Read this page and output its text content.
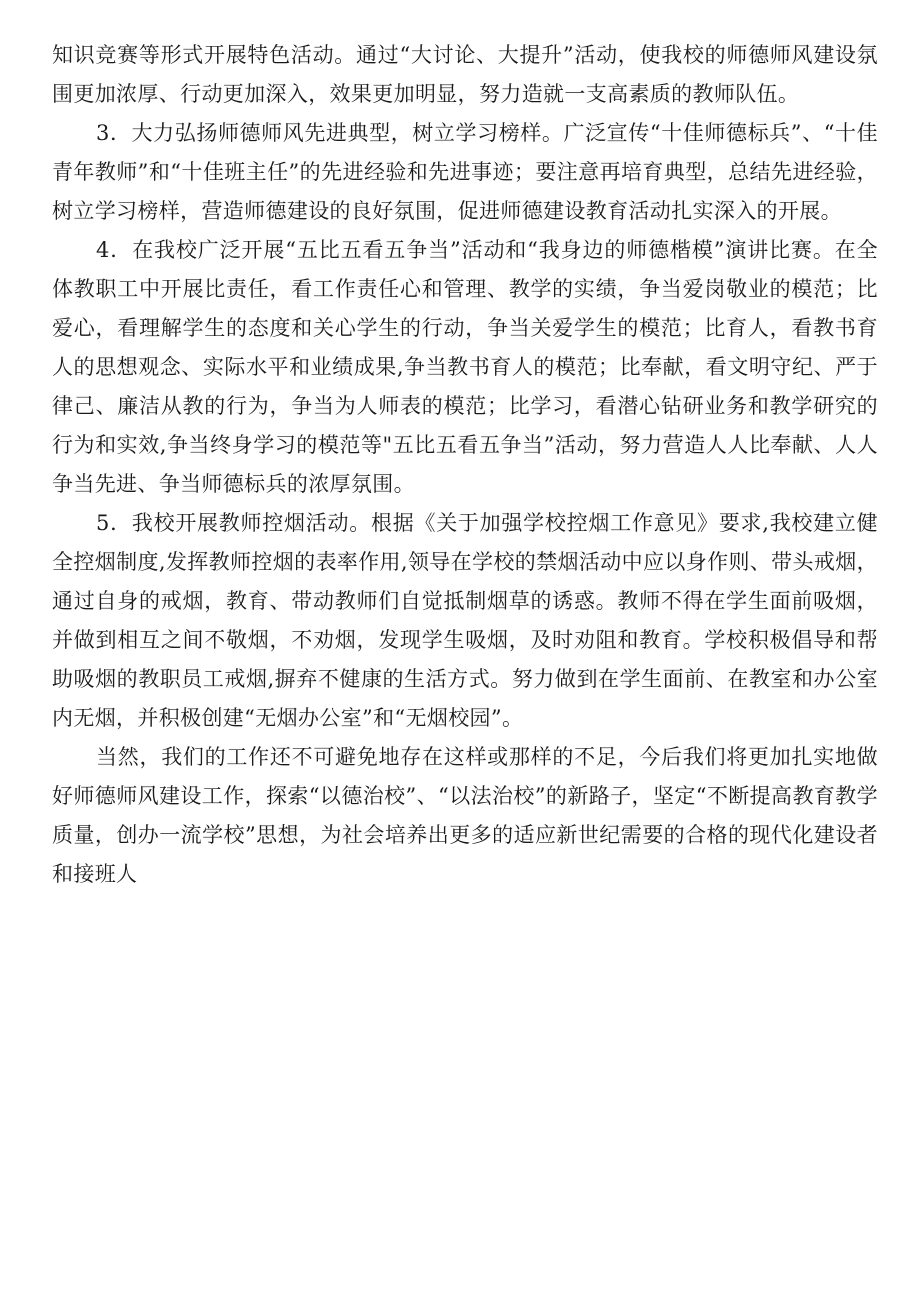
知识竞赛等形式开展特色活动。通过“大讨论、大提升”活动，使我校的师德师风建设氛围更加浓厚、行动更加深入，效果更加明显，努力造就一支高素质的教师队伍。

3．大力弘扬师德师风先进典型，树立学习榜样。广泛宣传“十佳师德标兵”、“十佳青年教师”和“十佳班主任”的先进经验和先进事迹；要注意再培育典型，总结先进经验，树立学习榜样，营造师德建设的良好氛围，促进师德建设教育活动扎实深入的开展。

4．在我校广泛开展“五比五看五争当”活动和“我身边的师德楷模”演讲比赛。在全体教职工中开展比责任，看工作责任心和管理、教学的实绩，争当爱岗敬业的模范；比爱心，看理解学生的态度和关心学生的行动，争当关爱学生的模范；比育人，看教书育人的思想观念、实际水平和业绩成果,争当教书育人的模范；比奉献，看文明守纪、严于律己、廉洁从教的行为，争当为人师表的模范；比学习，看潜心钻研业务和教学研究的行为和实效,争当终身学习的模范等"五比五看五争当”活动，努力营造人人比奉献、人人争当先进、争当师德标兵的浓厚氛围。

5．我校开展教师控烟活动。根据《关于加强学校控烟工作意见》要求,我校建立健全控烟制度,发挥教师控烟的表率作用,领导在学校的禁烟活动中应以身作则、带头戒烟，通过自身的戒烟，教育、带动教师们自觉抵制烟草的诱惑。教师不得在学生面前吸烟，并做到相互之间不敬烟，不劝烟，发现学生吸烟，及时劝阻和教育。学校积极倡导和帮助吸烟的教职员工戒烟,摒弃不健康的生活方式。努力做到在学生面前、在教室和办公室内无烟，并积极创建“无烟办公室”和“无烟校园”。

当然，我们的工作还不可避免地存在这样或那样的不足，今后我们将更加扎实地做好师德师风建设工作，探索“以德治校”、“以法治校”的新路子，坚定“不断提高教育教学质量，创办一流学校”思想，为社会培养出更多的适应新世纪需要的合格的现代化建设者和接班人
